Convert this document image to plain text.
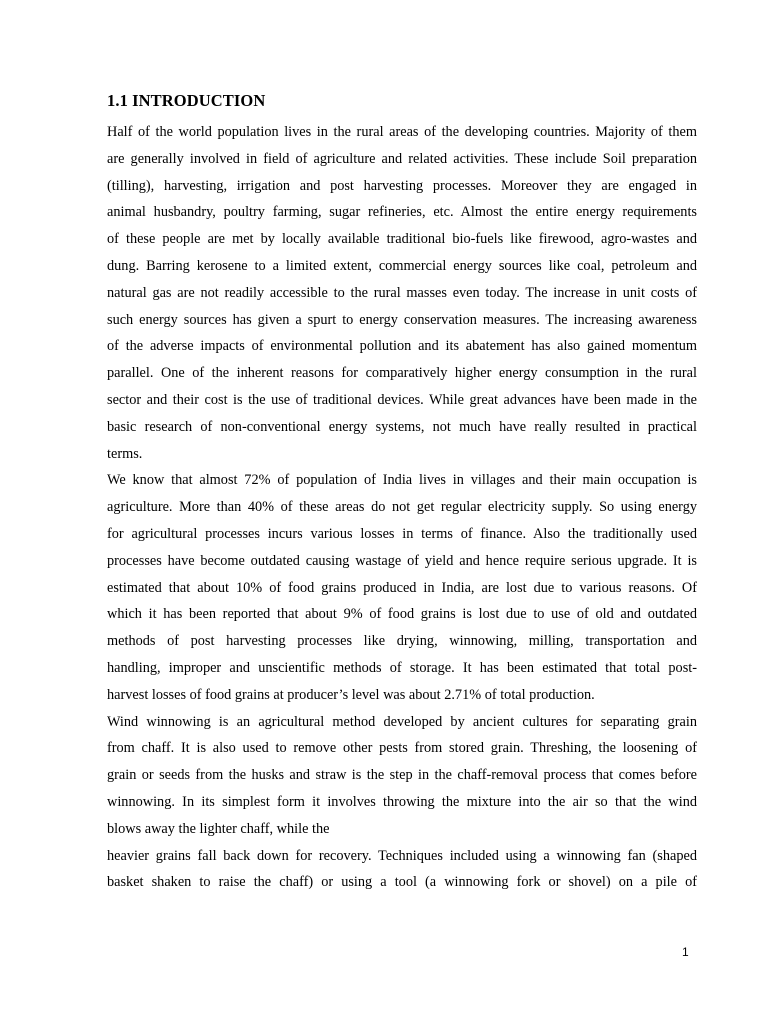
1.1 INTRODUCTION
Half of the world population lives in the rural areas of the developing countries. Majority of them
are generally involved in field of agriculture and related activities. These include Soil preparation
(tilling), harvesting, irrigation and post harvesting processes. Moreover they are engaged in
animal husbandry, poultry farming, sugar refineries, etc. Almost the entire energy requirements
of these people are met by locally available traditional bio-fuels like firewood, agro-wastes and
dung. Barring kerosene to a limited extent, commercial energy sources like coal, petroleum and
natural gas are not readily accessible to the rural masses even today. The increase in unit costs of
such energy sources has given a spurt to energy conservation measures. The increasing awareness
of the adverse impacts of environmental pollution and its abatement has also gained momentum
parallel. One of the inherent reasons for comparatively higher energy consumption in the rural
sector and their cost is the use of traditional devices. While great advances have been made in the
basic research of non-conventional energy systems, not much have really resulted in practical
terms.
We know that almost 72% of population of India lives in villages and their main occupation is
agriculture. More than 40% of these areas do not get regular electricity supply. So using energy
for agricultural processes incurs various losses in terms of finance. Also the traditionally used
processes have become outdated causing wastage of yield and hence require serious upgrade. It is
estimated that about 10% of food grains produced in India, are lost due to various reasons. Of
which it has been reported that about 9% of food grains is lost due to use of old and outdated
methods of post harvesting processes like drying, winnowing, milling, transportation and
handling, improper and unscientific methods of storage. It has been estimated that total post-
harvest losses of food grains at producer’s level was about 2.71% of total production.
Wind winnowing is an agricultural method developed by ancient cultures for separating grain
from chaff. It is also used to remove other pests from stored grain. Threshing, the loosening of
grain or seeds from the husks and straw is the step in the chaff-removal process that comes before
winnowing. In its simplest form it involves throwing the mixture into the air so that the wind
blows away the lighter chaff, while the
heavier grains fall back down for recovery. Techniques included using a winnowing fan (shaped
basket shaken to raise the chaff) or using a tool (a winnowing fork or shovel) on a pile of
1
